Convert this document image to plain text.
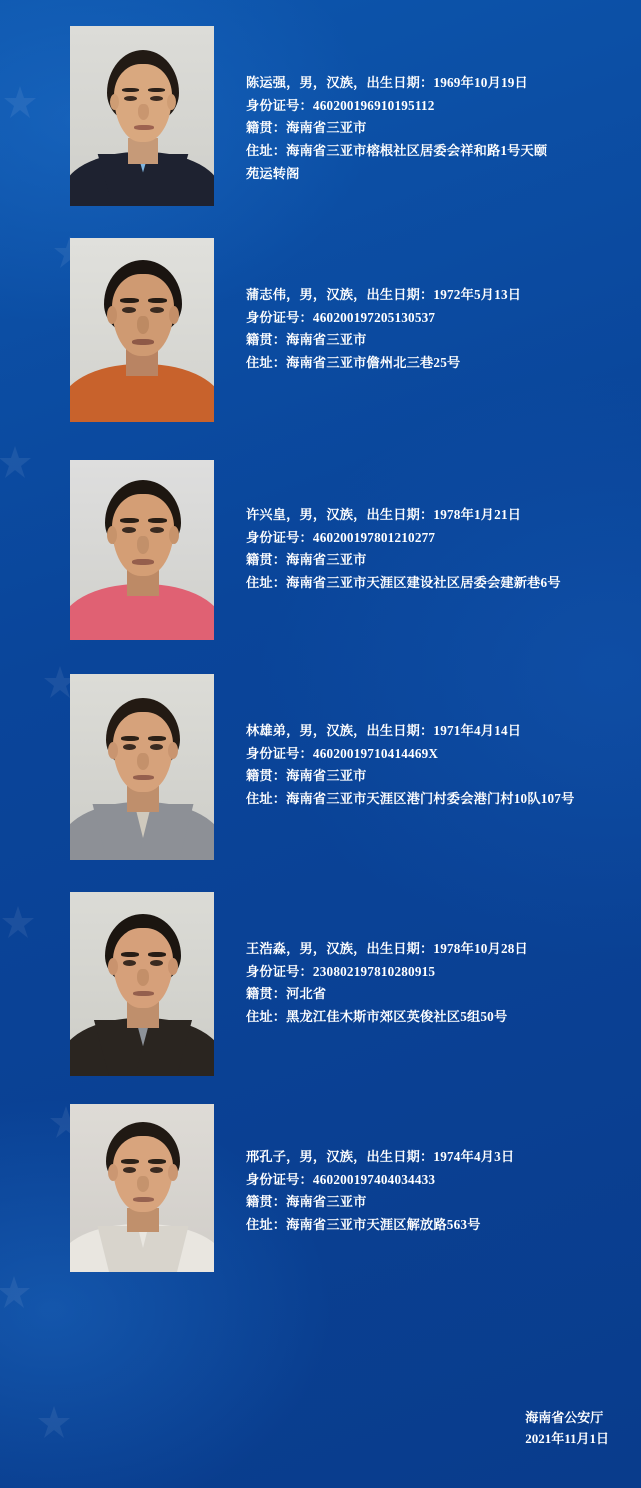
陈运强，男，汉族，出生日期：1969年10月19日
身份证号：460200196910195112
籍贯：海南省三亚市
住址：海南省三亚市榕根社区居委会祥和路1号天颐
苑运转阁
蒲志伟，男，汉族，出生日期：1972年5月13日
身份证号：460200197205130537
籍贯：海南省三亚市
住址：海南省三亚市儋州北三巷25号
许兴皇，男，汉族，出生日期：1978年1月21日
身份证号：460200197801210277
籍贯：海南省三亚市
住址：海南省三亚市天涯区建设社区居委会建新巷6号
林雄弟，男，汉族，出生日期：1971年4月14日
身份证号：46020019710414469X
籍贯：海南省三亚市
住址：海南省三亚市天涯区港门村委会港门村10队107号
王浩淼，男，汉族，出生日期：1978年10月28日
身份证号：230802197810280915
籍贯：河北省
住址：黑龙江佳木斯市郊区英俊社区5组50号
邢孔子，男，汉族，出生日期：1974年4月3日
身份证号：460200197404034433
籍贯：海南省三亚市
住址：海南省三亚市天涯区解放路563号
海南省公安厅
2021年11月1日
